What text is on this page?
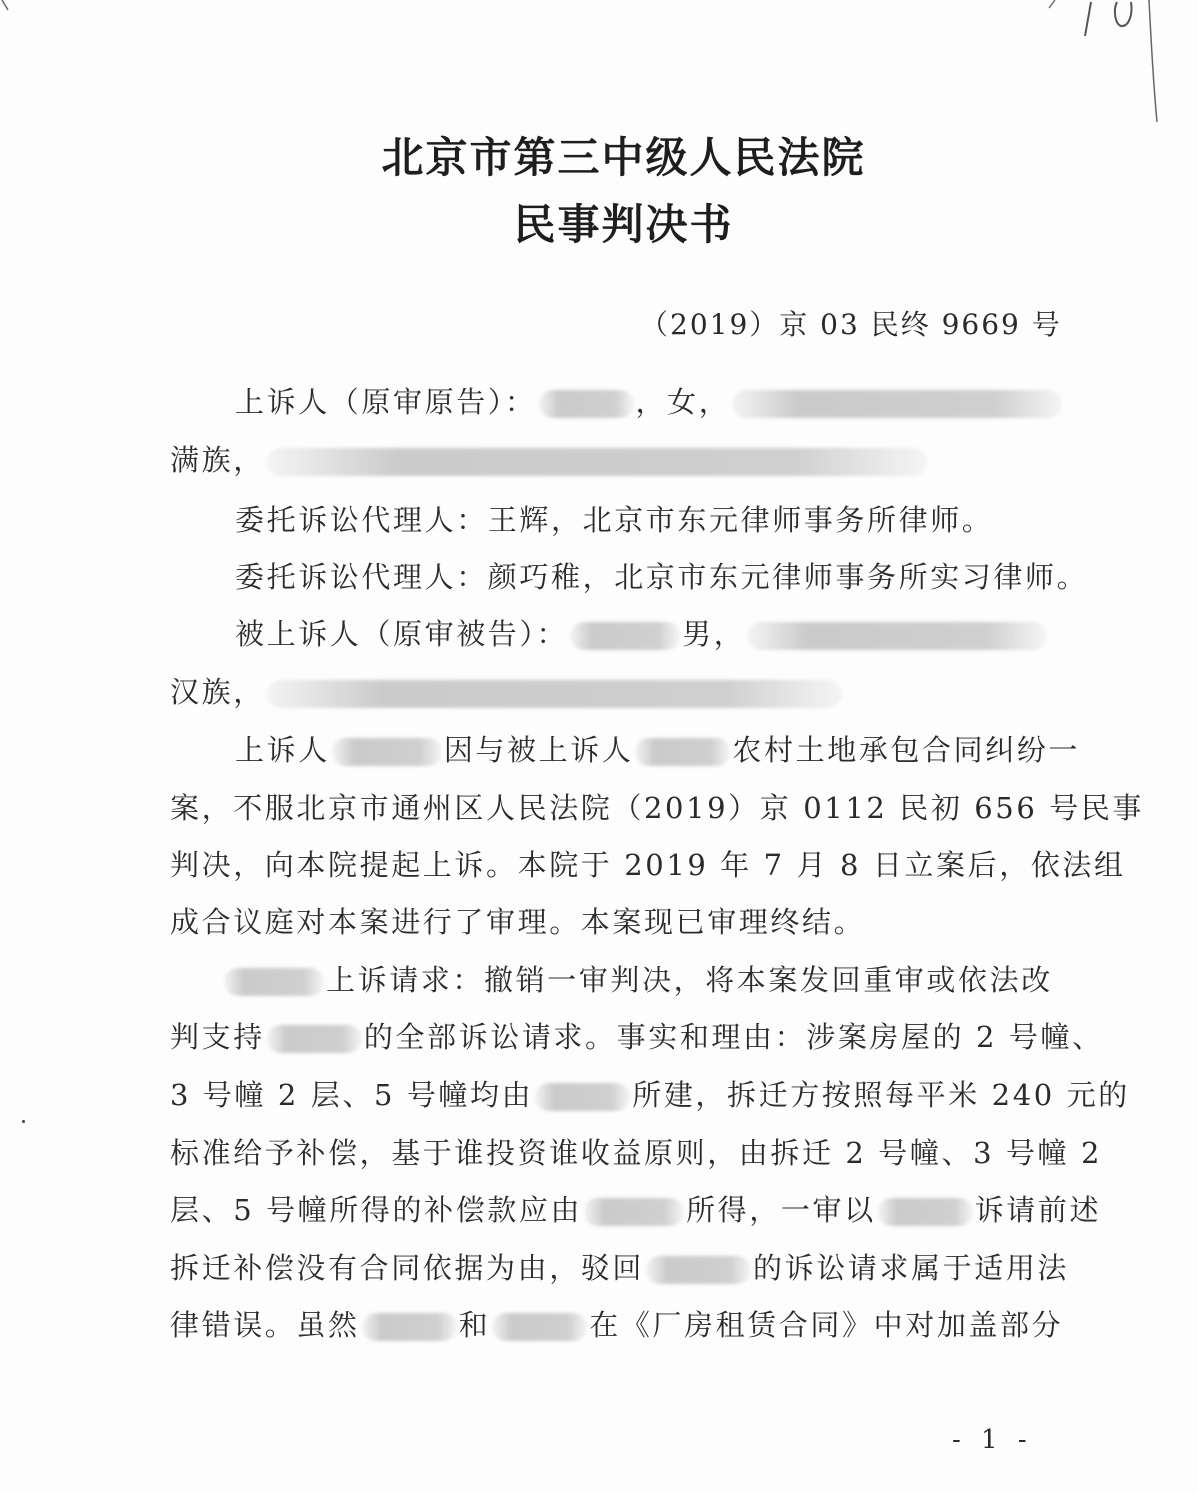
北京市第三中级人民法院
民事判决书
（2019）京 03 民终 9669 号
上诉人（原审原告）：	，女，
满族，
委托诉讼代理人：王辉，北京市东元律师事务所律师。
委托诉讼代理人：颜巧稚，北京市东元律师事务所实习律师。
被上诉人（原审被告）：	男，
汉族，
上诉人	因与被上诉人	农村土地承包合同纠纷一
案，不服北京市通州区人民法院（2019）京 0112 民初 656 号民事
判决，向本院提起上诉。本院于 2019 年 7 月 8 日立案后，依法组
成合议庭对本案进行了审理。本案现已审理终结。
上诉请求：撤销一审判决，将本案发回重审或依法改
判支持	的全部诉讼请求。事实和理由：涉案房屋的 2 号幢、
3 号幢 2 层、5 号幢均由	所建，拆迁方按照每平米 240 元的
标准给予补偿，基于谁投资谁收益原则，由拆迁 2 号幢、3 号幢 2
层、5 号幢所得的补偿款应由	所得，一审以	诉请前述
拆迁补偿没有合同依据为由，驳回	的诉讼请求属于适用法
律错误。虽然	和	在《厂房租赁合同》中对加盖部分
- 1 -
